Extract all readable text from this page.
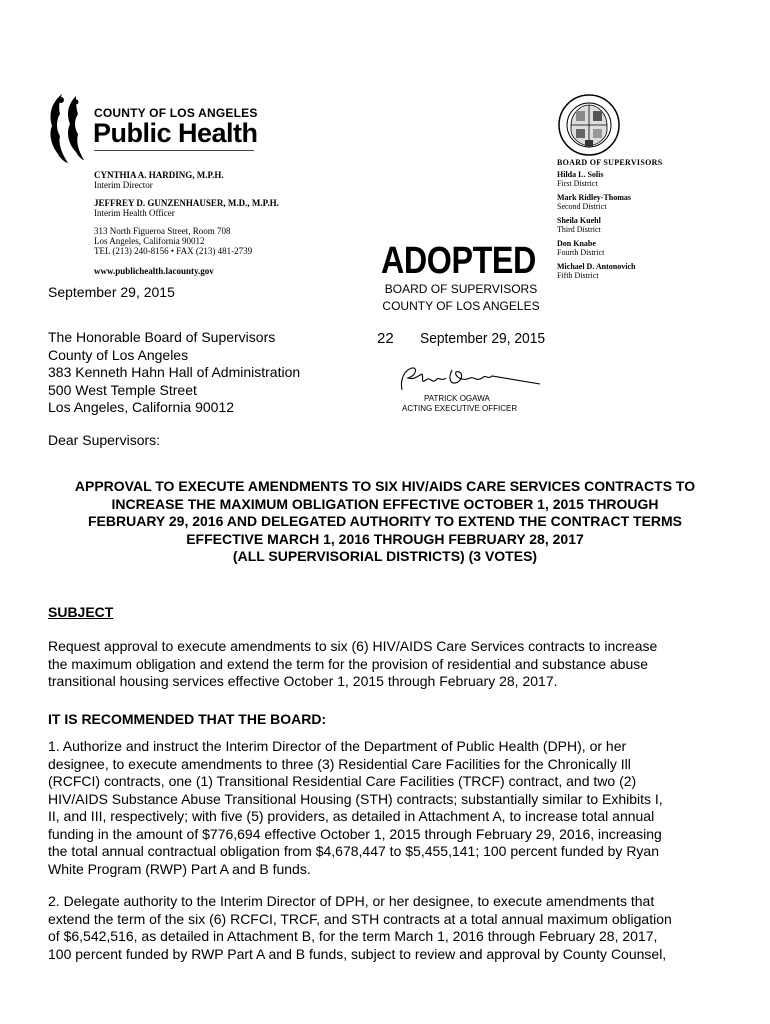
COUNTY OF LOS ANGELES
Public Health
CYNTHIA A. HARDING, M.P.H.
Interim Director
JEFFREY D. GUNZENHAUSER, M.D., M.P.H.
Interim Health Officer
313 North Figueroa Street, Room 708
Los Angeles, California 90012
TEL (213) 240-8156 • FAX (213) 481-2739
www.publichealth.lacounty.gov
BOARD OF SUPERVISORS
Hilda L. Solis
First District
Mark Ridley-Thomas
Second District
Sheila Kuehl
Third District
Don Knabe
Fourth District
Michael D. Antonovich
Fifth District
ADOPTED
BOARD OF SUPERVISORS
COUNTY OF LOS ANGELES
22 September 29, 2015
PATRICK OGAWA
ACTING EXECUTIVE OFFICER
September 29, 2015
The Honorable Board of Supervisors
County of Los Angeles
383 Kenneth Hahn Hall of Administration
500 West Temple Street
Los Angeles, California 90012
Dear Supervisors:
APPROVAL TO EXECUTE AMENDMENTS TO SIX HIV/AIDS CARE SERVICES CONTRACTS TO
INCREASE THE MAXIMUM OBLIGATION EFFECTIVE OCTOBER 1, 2015 THROUGH
FEBRUARY 29, 2016 AND DELEGATED AUTHORITY TO EXTEND THE CONTRACT TERMS
EFFECTIVE MARCH 1, 2016 THROUGH FEBRUARY 28, 2017
(ALL SUPERVISORIAL DISTRICTS) (3 VOTES)
SUBJECT
Request approval to execute amendments to six (6) HIV/AIDS Care Services contracts to increase
the maximum obligation and extend the term for the provision of residential and substance abuse
transitional housing services effective October 1, 2015 through February 28, 2017.
IT IS RECOMMENDED THAT THE BOARD:
1. Authorize and instruct the Interim Director of the Department of Public Health (DPH), or her
designee, to execute amendments to three (3) Residential Care Facilities for the Chronically Ill
(RCFCI) contracts, one (1) Transitional Residential Care Facilities (TRCF) contract, and two (2)
HIV/AIDS Substance Abuse Transitional Housing (STH) contracts; substantially similar to Exhibits I,
II, and III, respectively; with five (5) providers, as detailed in Attachment A, to increase total annual
funding in the amount of $776,694 effective October 1, 2015 through February 29, 2016, increasing
the total annual contractual obligation from $4,678,447 to $5,455,141; 100 percent funded by Ryan
White Program (RWP) Part A and B funds.
2. Delegate authority to the Interim Director of DPH, or her designee, to execute amendments that
extend the term of the six (6) RCFCI, TRCF, and STH contracts at a total annual maximum obligation
of $6,542,516, as detailed in Attachment B, for the term March 1, 2016 through February 28, 2017,
100 percent funded by RWP Part A and B funds, subject to review and approval by County Counsel,
